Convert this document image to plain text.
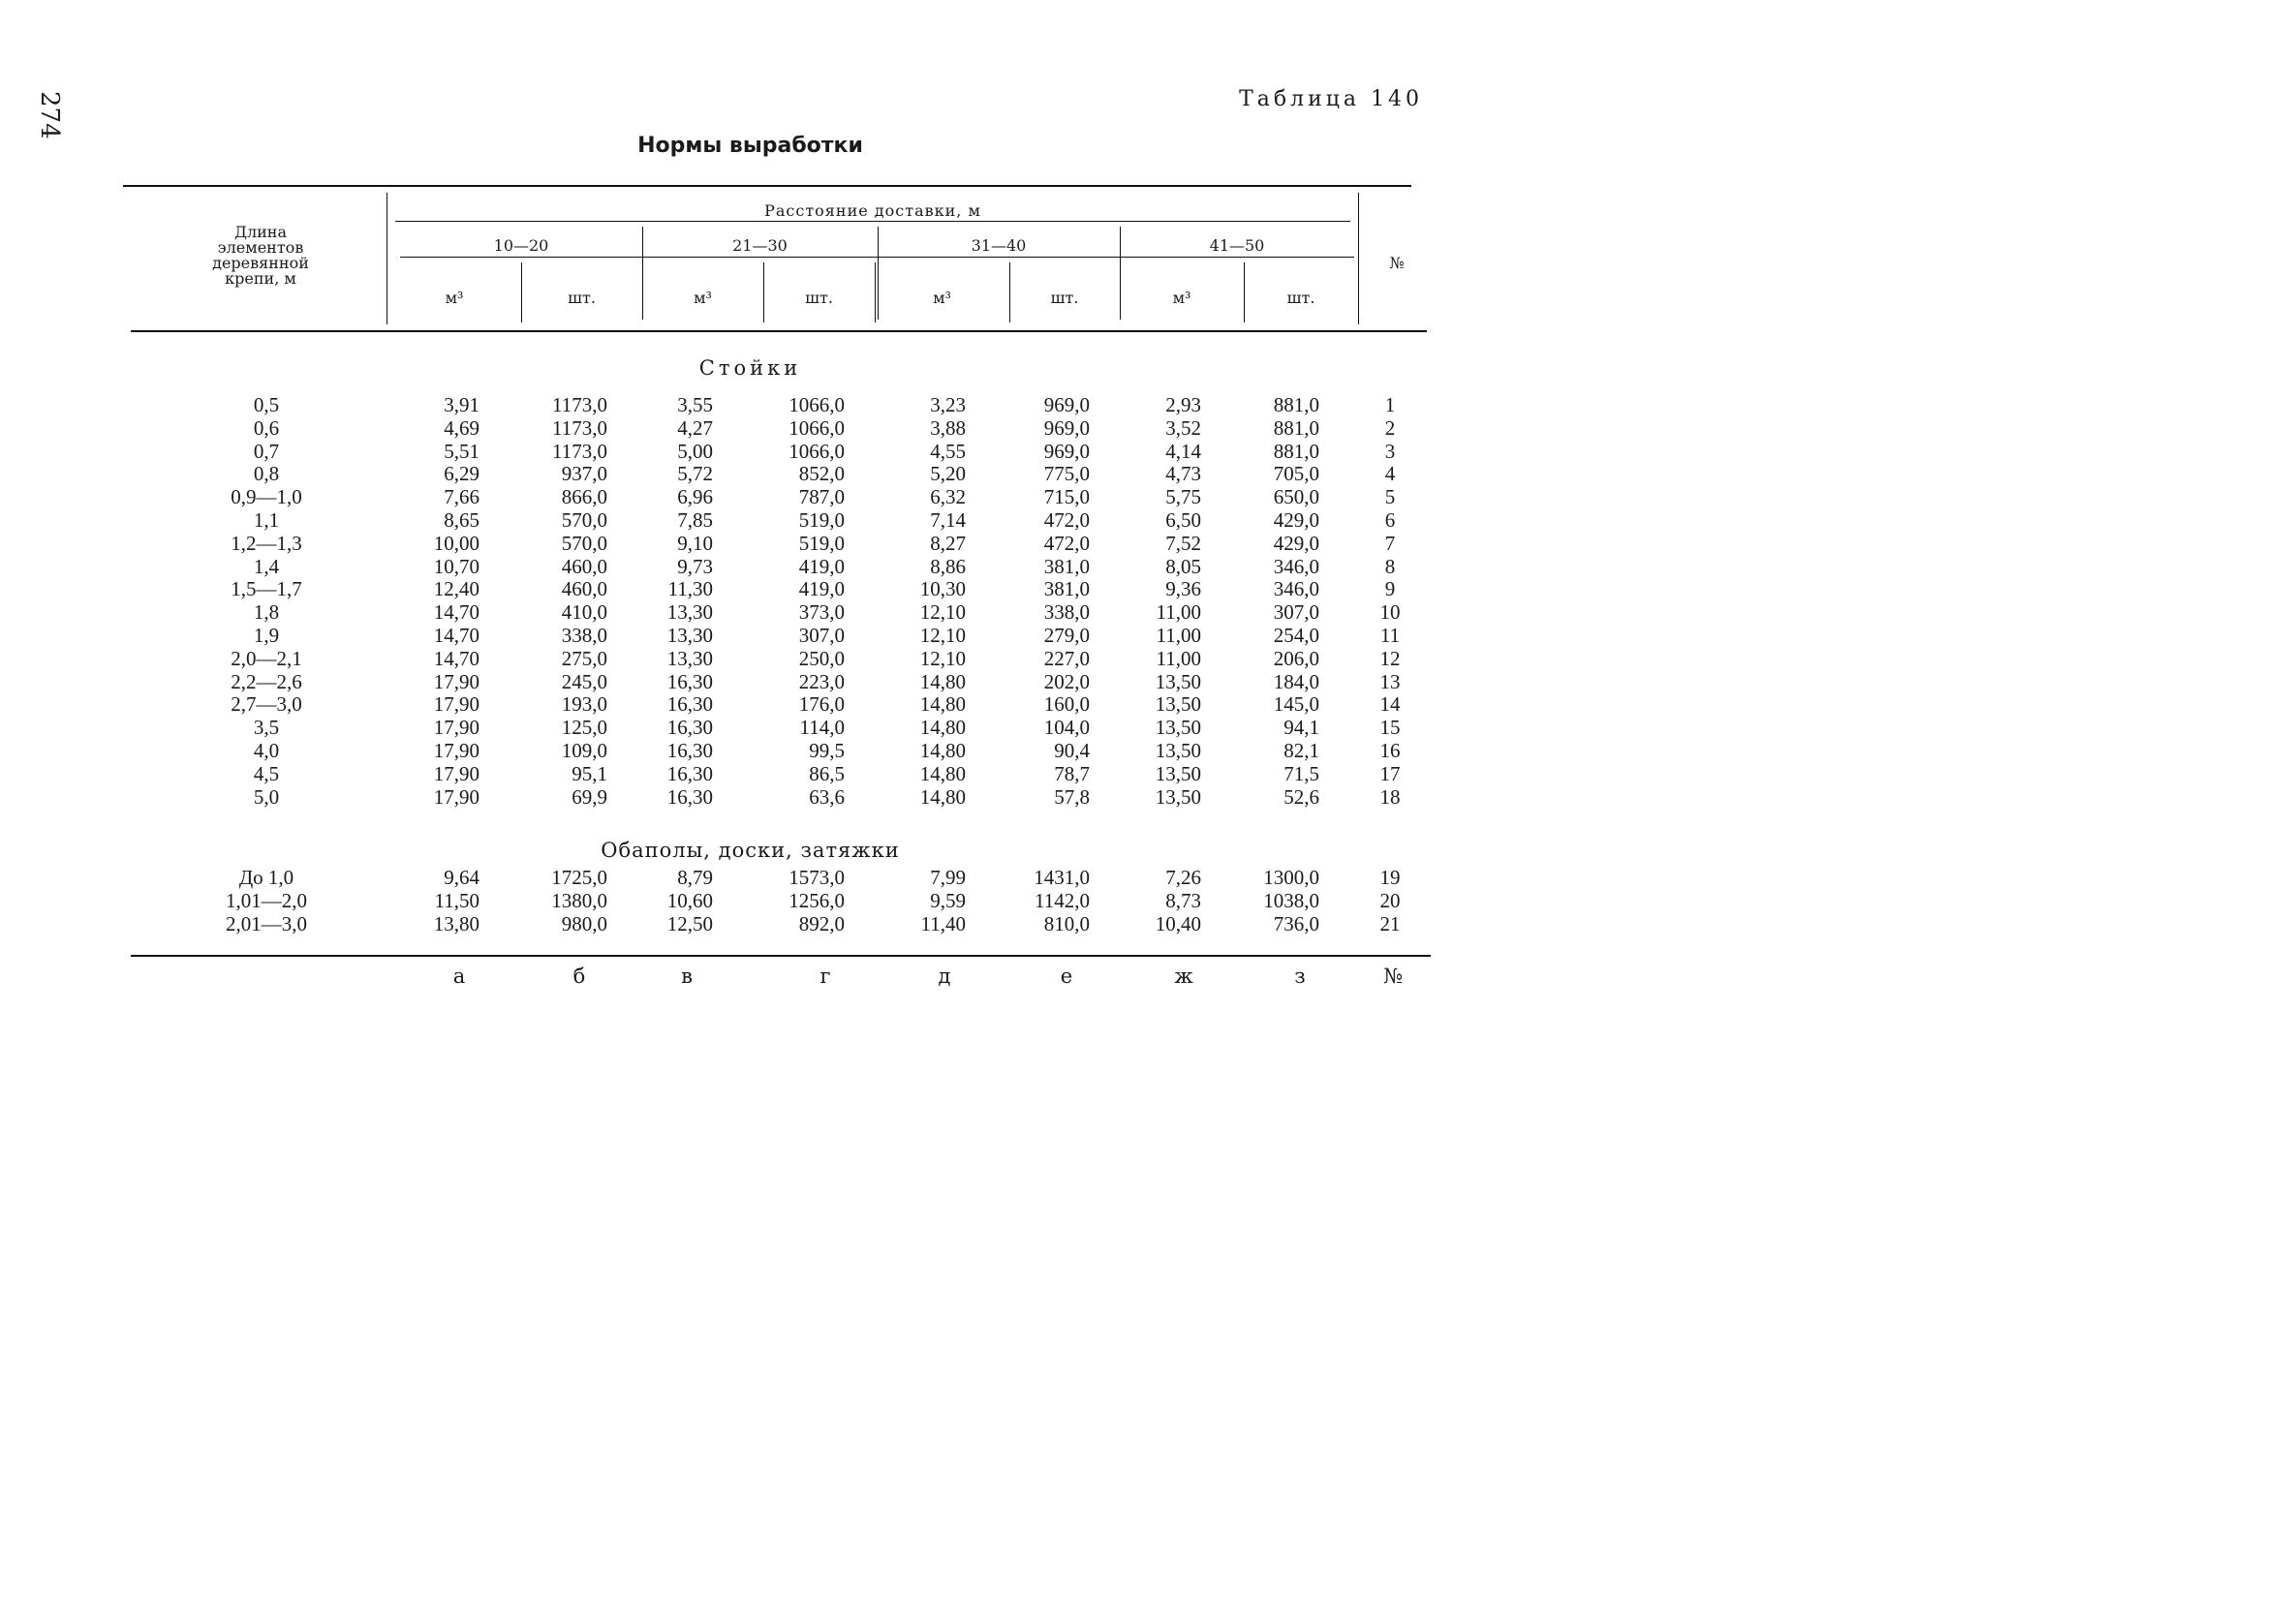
274	Таблица 140
Нормы выработки
Длина элементов деревянной крепи, м
Расстояние доставки, м
10—20	21—30	31—40	41—50
м³	шт.	м³	шт.	м³	шт.	м³	шт.
№
Стойки
Обаполы, доски, затяжки
0,5	3,91	1173,0	3,55	1066,0	3,23	969,0	2,93	881,0	1
0,6	4,69	1173,0	4,27	1066,0	3,88	969,0	3,52	881,0	2
0,7	5,51	1173,0	5,00	1066,0	4,55	969,0	4,14	881,0	3
0,8	6,29	937,0	5,72	852,0	5,20	775,0	4,73	705,0	4
0,9—1,0	7,66	866,0	6,96	787,0	6,32	715,0	5,75	650,0	5
1,1	8,65	570,0	7,85	519,0	7,14	472,0	6,50	429,0	6
1,2—1,3	10,00	570,0	9,10	519,0	8,27	472,0	7,52	429,0	7
1,4	10,70	460,0	9,73	419,0	8,86	381,0	8,05	346,0	8
1,5—1,7	12,40	460,0	11,30	419,0	10,30	381,0	9,36	346,0	9
1,8	14,70	410,0	13,30	373,0	12,10	338,0	11,00	307,0	10
1,9	14,70	338,0	13,30	307,0	12,10	279,0	11,00	254,0	11
2,0—2,1	14,70	275,0	13,30	250,0	12,10	227,0	11,00	206,0	12
2,2—2,6	17,90	245,0	16,30	223,0	14,80	202,0	13,50	184,0	13
2,7—3,0	17,90	193,0	16,30	176,0	14,80	160,0	13,50	145,0	14
3,5	17,90	125,0	16,30	114,0	14,80	104,0	13,50	94,1	15
4,0	17,90	109,0	16,30	99,5	14,80	90,4	13,50	82,1	16
4,5	17,90	95,1	16,30	86,5	14,80	78,7	13,50	71,5	17
5,0	17,90	69,9	16,30	63,6	14,80	57,8	13,50	52,6	18
До 1,0	9,64	1725,0	8,79	1573,0	7,99	1431,0	7,26	1300,0	19
1,01—2,0	11,50	1380,0	10,60	1256,0	9,59	1142,0	8,73	1038,0	20
2,01—3,0	13,80	980,0	12,50	892,0	11,40	810,0	10,40	736,0	21
а	б	в	г	д	е	ж	з	№
